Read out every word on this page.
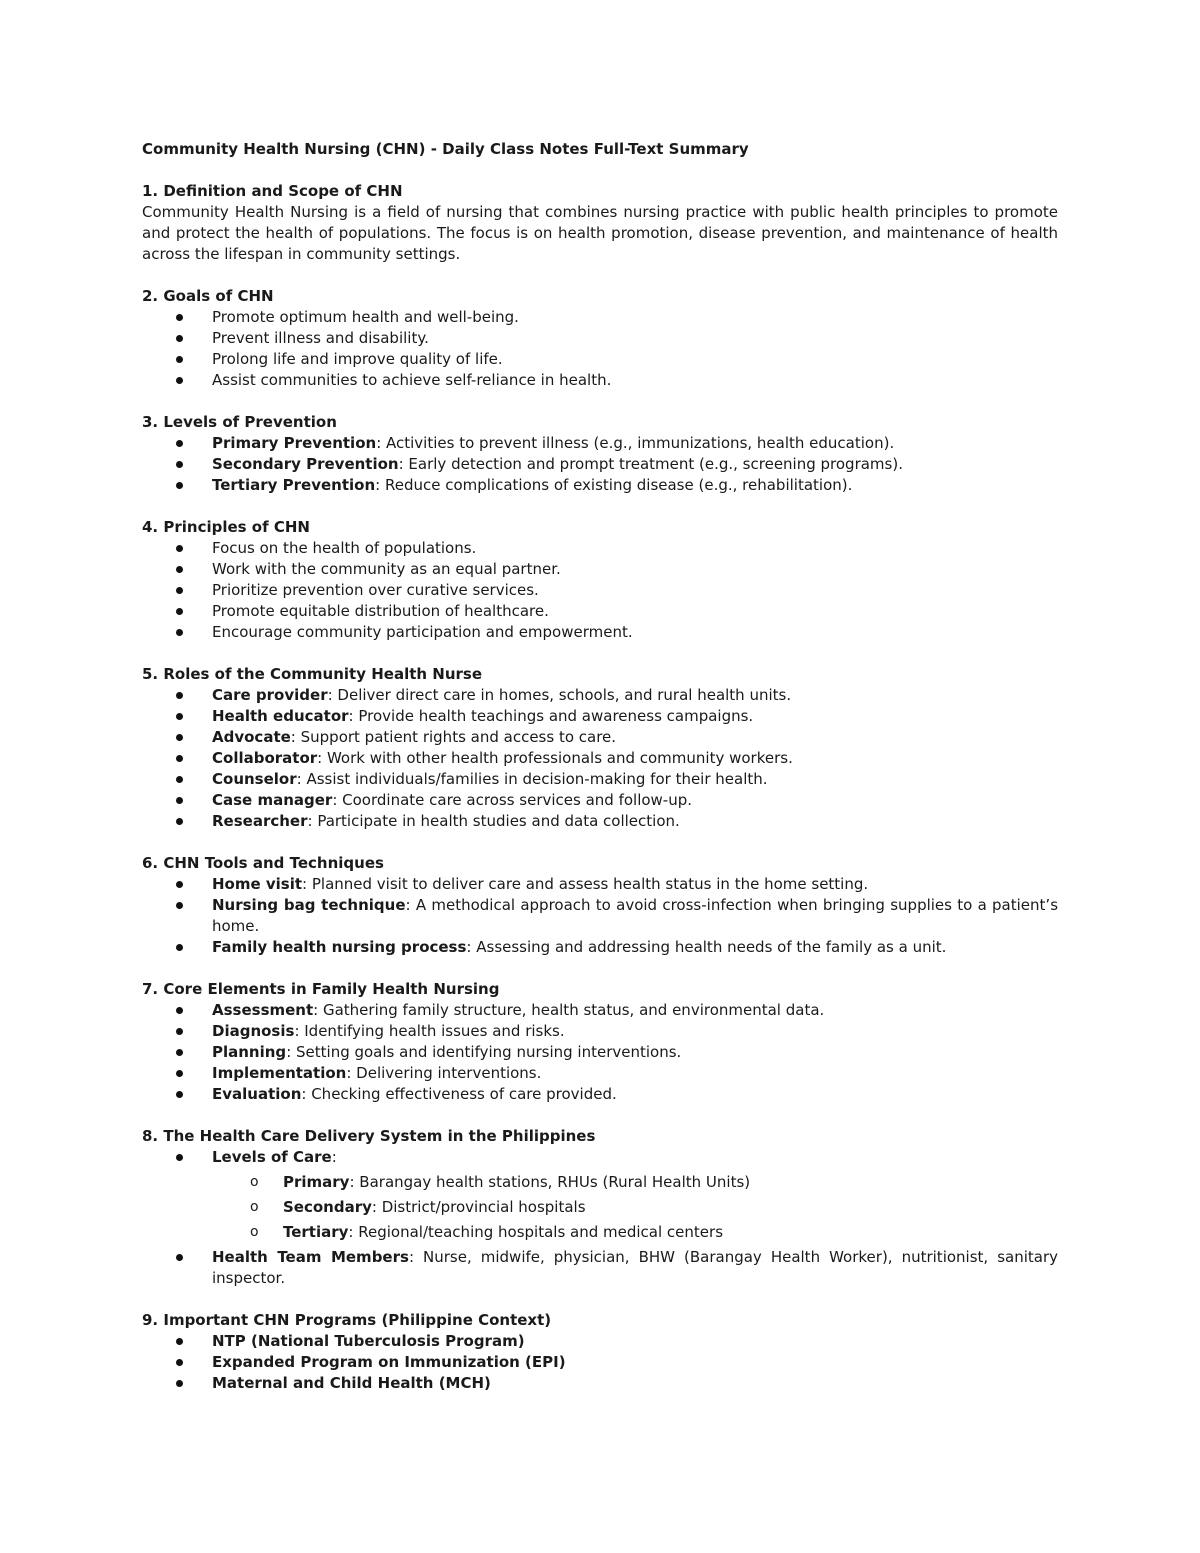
Community Health Nursing (CHN) - Daily Class Notes Full-Text Summary

1. Definition and Scope of CHN

Community Health Nursing is a field of nursing that combines nursing practice with public health principles to promote and protect the health of populations. The focus is on health promotion, disease prevention, and maintenance of health across the lifespan in community settings.

2. Goals of CHN

Promote optimum health and well-being.
Prevent illness and disability.
Prolong life and improve quality of life.
Assist communities to achieve self-reliance in health.

3. Levels of Prevention

Primary Prevention: Activities to prevent illness (e.g., immunizations, health education).
Secondary Prevention: Early detection and prompt treatment (e.g., screening programs).
Tertiary Prevention: Reduce complications of existing disease (e.g., rehabilitation).

4. Principles of CHN

Focus on the health of populations.
Work with the community as an equal partner.
Prioritize prevention over curative services.
Promote equitable distribution of healthcare.
Encourage community participation and empowerment.

5. Roles of the Community Health Nurse

Care provider: Deliver direct care in homes, schools, and rural health units.
Health educator: Provide health teachings and awareness campaigns.
Advocate: Support patient rights and access to care.
Collaborator: Work with other health professionals and community workers.
Counselor: Assist individuals/families in decision-making for their health.
Case manager: Coordinate care across services and follow-up.
Researcher: Participate in health studies and data collection.

6. CHN Tools and Techniques

Home visit: Planned visit to deliver care and assess health status in the home setting.
Nursing bag technique: A methodical approach to avoid cross-infection when bringing supplies to a patient’s home.
Family health nursing process: Assessing and addressing health needs of the family as a unit.

7. Core Elements in Family Health Nursing

Assessment: Gathering family structure, health status, and environmental data.
Diagnosis: Identifying health issues and risks.
Planning: Setting goals and identifying nursing interventions.
Implementation: Delivering interventions.
Evaluation: Checking effectiveness of care provided.

8. The Health Care Delivery System in the Philippines

Levels of Care:
o Primary: Barangay health stations, RHUs (Rural Health Units)
o Secondary: District/provincial hospitals
o Tertiary: Regional/teaching hospitals and medical centers
Health Team Members: Nurse, midwife, physician, BHW (Barangay Health Worker), nutritionist, sanitary inspector.

9. Important CHN Programs (Philippine Context)

NTP (National Tuberculosis Program)
Expanded Program on Immunization (EPI)
Maternal and Child Health (MCH)
